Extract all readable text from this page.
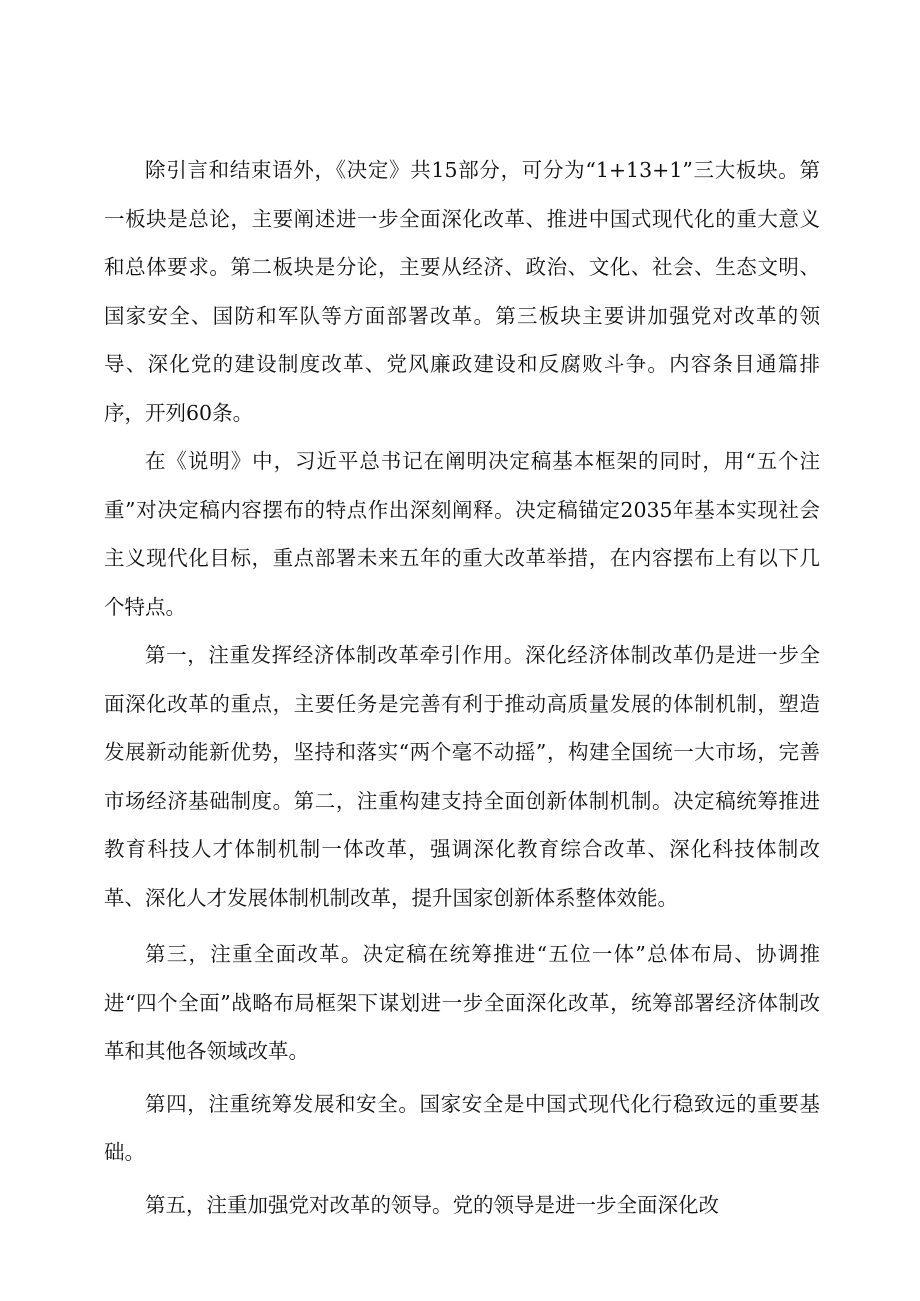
除引言和结束语外，《决定》共15部分，可分为“1+13+1”三大板块。第一板块是总论，主要阐述进一步全面深化改革、推进中国式现代化的重大意义和总体要求。第二板块是分论，主要从经济、政治、文化、社会、生态文明、国家安全、国防和军队等方面部署改革。第三板块主要讲加强党对改革的领导、深化党的建设制度改革、党风廉政建设和反腐败斗争。内容条目通篇排序，开列60条。

在《说明》中，习近平总书记在阐明决定稿基本框架的同时，用“五个注重”对决定稿内容摆布的特点作出深刻阐释。决定稿锚定2035年基本实现社会主义现代化目标，重点部署未来五年的重大改革举措，在内容摆布上有以下几个特点。

第一，注重发挥经济体制改革牵引作用。深化经济体制改革仍是进一步全面深化改革的重点，主要任务是完善有利于推动高质量发展的体制机制，塑造发展新动能新优势，坚持和落实“两个毫不动摇”，构建全国统一大市场，完善市场经济基础制度。第二，注重构建支持全面创新体制机制。决定稿统筹推进教育科技人才体制机制一体改革，强调深化教育综合改革、深化科技体制改革、深化人才发展体制机制改革，提升国家创新体系整体效能。

第三，注重全面改革。决定稿在统筹推进“五位一体”总体布局、协调推进“四个全面”战略布局框架下谋划进一步全面深化改革，统筹部署经济体制改革和其他各领域改革。

第四，注重统筹发展和安全。国家安全是中国式现代化行稳致远的重要基础。

第五，注重加强党对改革的领导。党的领导是进一步全面深化改
